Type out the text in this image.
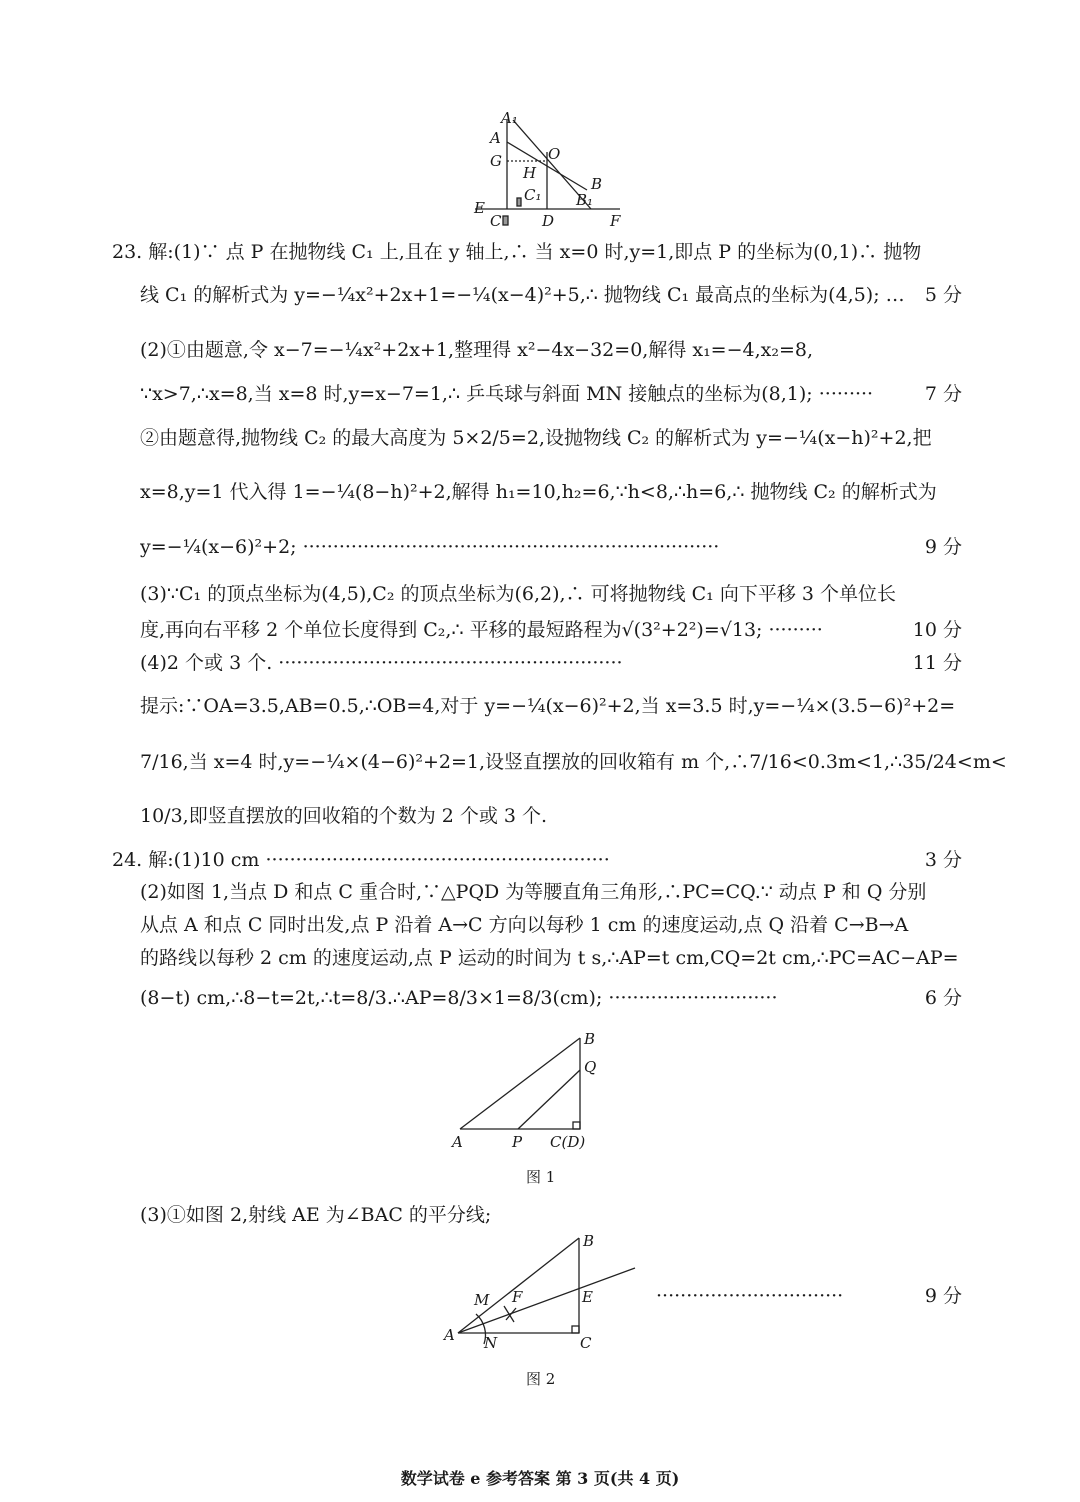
A₁
A
O
G
H
C₁
B
B₁
E
C	D	F
23. 解:(1)∵ 点 P 在抛物线 C₁ 上,且在 y 轴上,∴ 当 x=0 时,y=1,即点 P 的坐标为(0,1)∴ 抛物
线 C₁ 的解析式为 y=−¼x²+2x+1=−¼(x−4)²+5,∴ 抛物线 C₁ 最高点的坐标为(4,5); …	5 分
(2)①由题意,令 x−7=−¼x²+2x+1,整理得 x²−4x−32=0,解得 x₁=−4,x₂=8,
∵x>7,∴x=8,当 x=8 时,y=x−7=1,∴ 乒乓球与斜面 MN 接触点的坐标为(8,1); ·········	7 分
②由题意得,抛物线 C₂ 的最大高度为 5×2/5=2,设抛物线 C₂ 的解析式为 y=−¼(x−h)²+2,把
x=8,y=1 代入得 1=−¼(8−h)²+2,解得 h₁=10,h₂=6,∵h<8,∴h=6,∴ 抛物线 C₂ 的解析式为
y=−¼(x−6)²+2; ·····································································	9 分
(3)∵C₁ 的顶点坐标为(4,5),C₂ 的顶点坐标为(6,2),∴ 可将抛物线 C₁ 向下平移 3 个单位长
度,再向右平移 2 个单位长度得到 C₂,∴ 平移的最短路程为√(3²+2²)=√13; ·········	10 分
(4)2 个或 3 个. ·························································	11 分
提示:∵OA=3.5,AB=0.5,∴OB=4,对于 y=−¼(x−6)²+2,当 x=3.5 时,y=−¼×(3.5−6)²+2=
7/16,当 x=4 时,y=−¼×(4−6)²+2=1,设竖直摆放的回收箱有 m 个,∴7/16<0.3m<1,∴35/24<m<
10/3,即竖直摆放的回收箱的个数为 2 个或 3 个.
24. 解:(1)10 cm ·························································	3 分
(2)如图 1,当点 D 和点 C 重合时,∵△PQD 为等腰直角三角形,∴PC=CQ.∵ 动点 P 和 Q 分别
从点 A 和点 C 同时出发,点 P 沿着 A→C 方向以每秒 1 cm 的速度运动,点 Q 沿着 C→B→A
的路线以每秒 2 cm 的速度运动,点 P 运动的时间为 t s,∴AP=t cm,CQ=2t cm,∴PC=AC−AP=
(8−t) cm,∴8−t=2t,∴t=8/3.∴AP=8/3×1=8/3(cm); ····························	6 分
B
Q
A	P C(D)
图 1
(3)①如图 2,射线 AE 为∠BAC 的平分线;
B
M F	E
A N	C
·······························	9 分
图 2
数学试卷 e 参考答案 第 3 页(共 4 页)
